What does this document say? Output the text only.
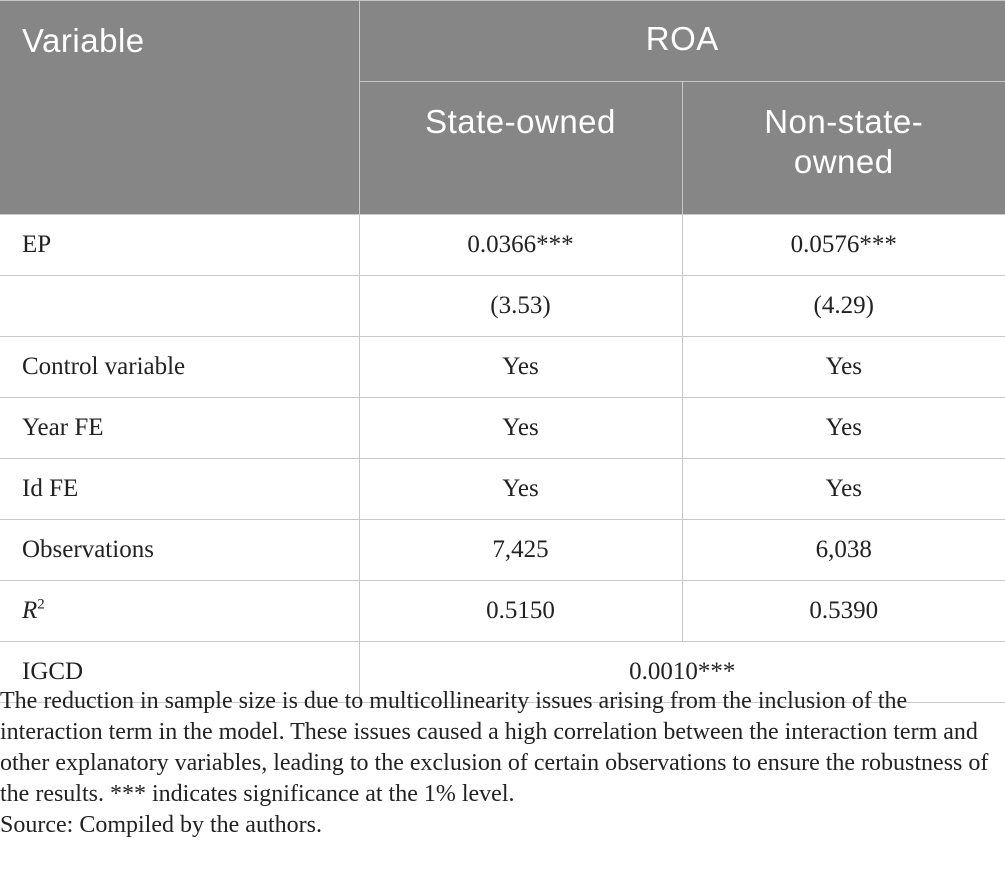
Variable	ROA	
	State-owned	Non-state-owned
EP	0.0366***	0.0576***
	(3.53)	(4.29)
Control variable	Yes	Yes
Year FE	Yes	Yes
Id FE	Yes	Yes
Observations	7,425	6,038
$R^2$	0.5150	0.5390
IGCD	0.0010***	

The reduction in sample size is due to multicollinearity issues arising from the inclusion of the interaction term in the model. These issues caused a high correlation between the interaction term and other explanatory variables, leading to the exclusion of certain observations to ensure the robustness of the results. *** indicates significance at the 1% level.

Source: Compiled by the authors.
